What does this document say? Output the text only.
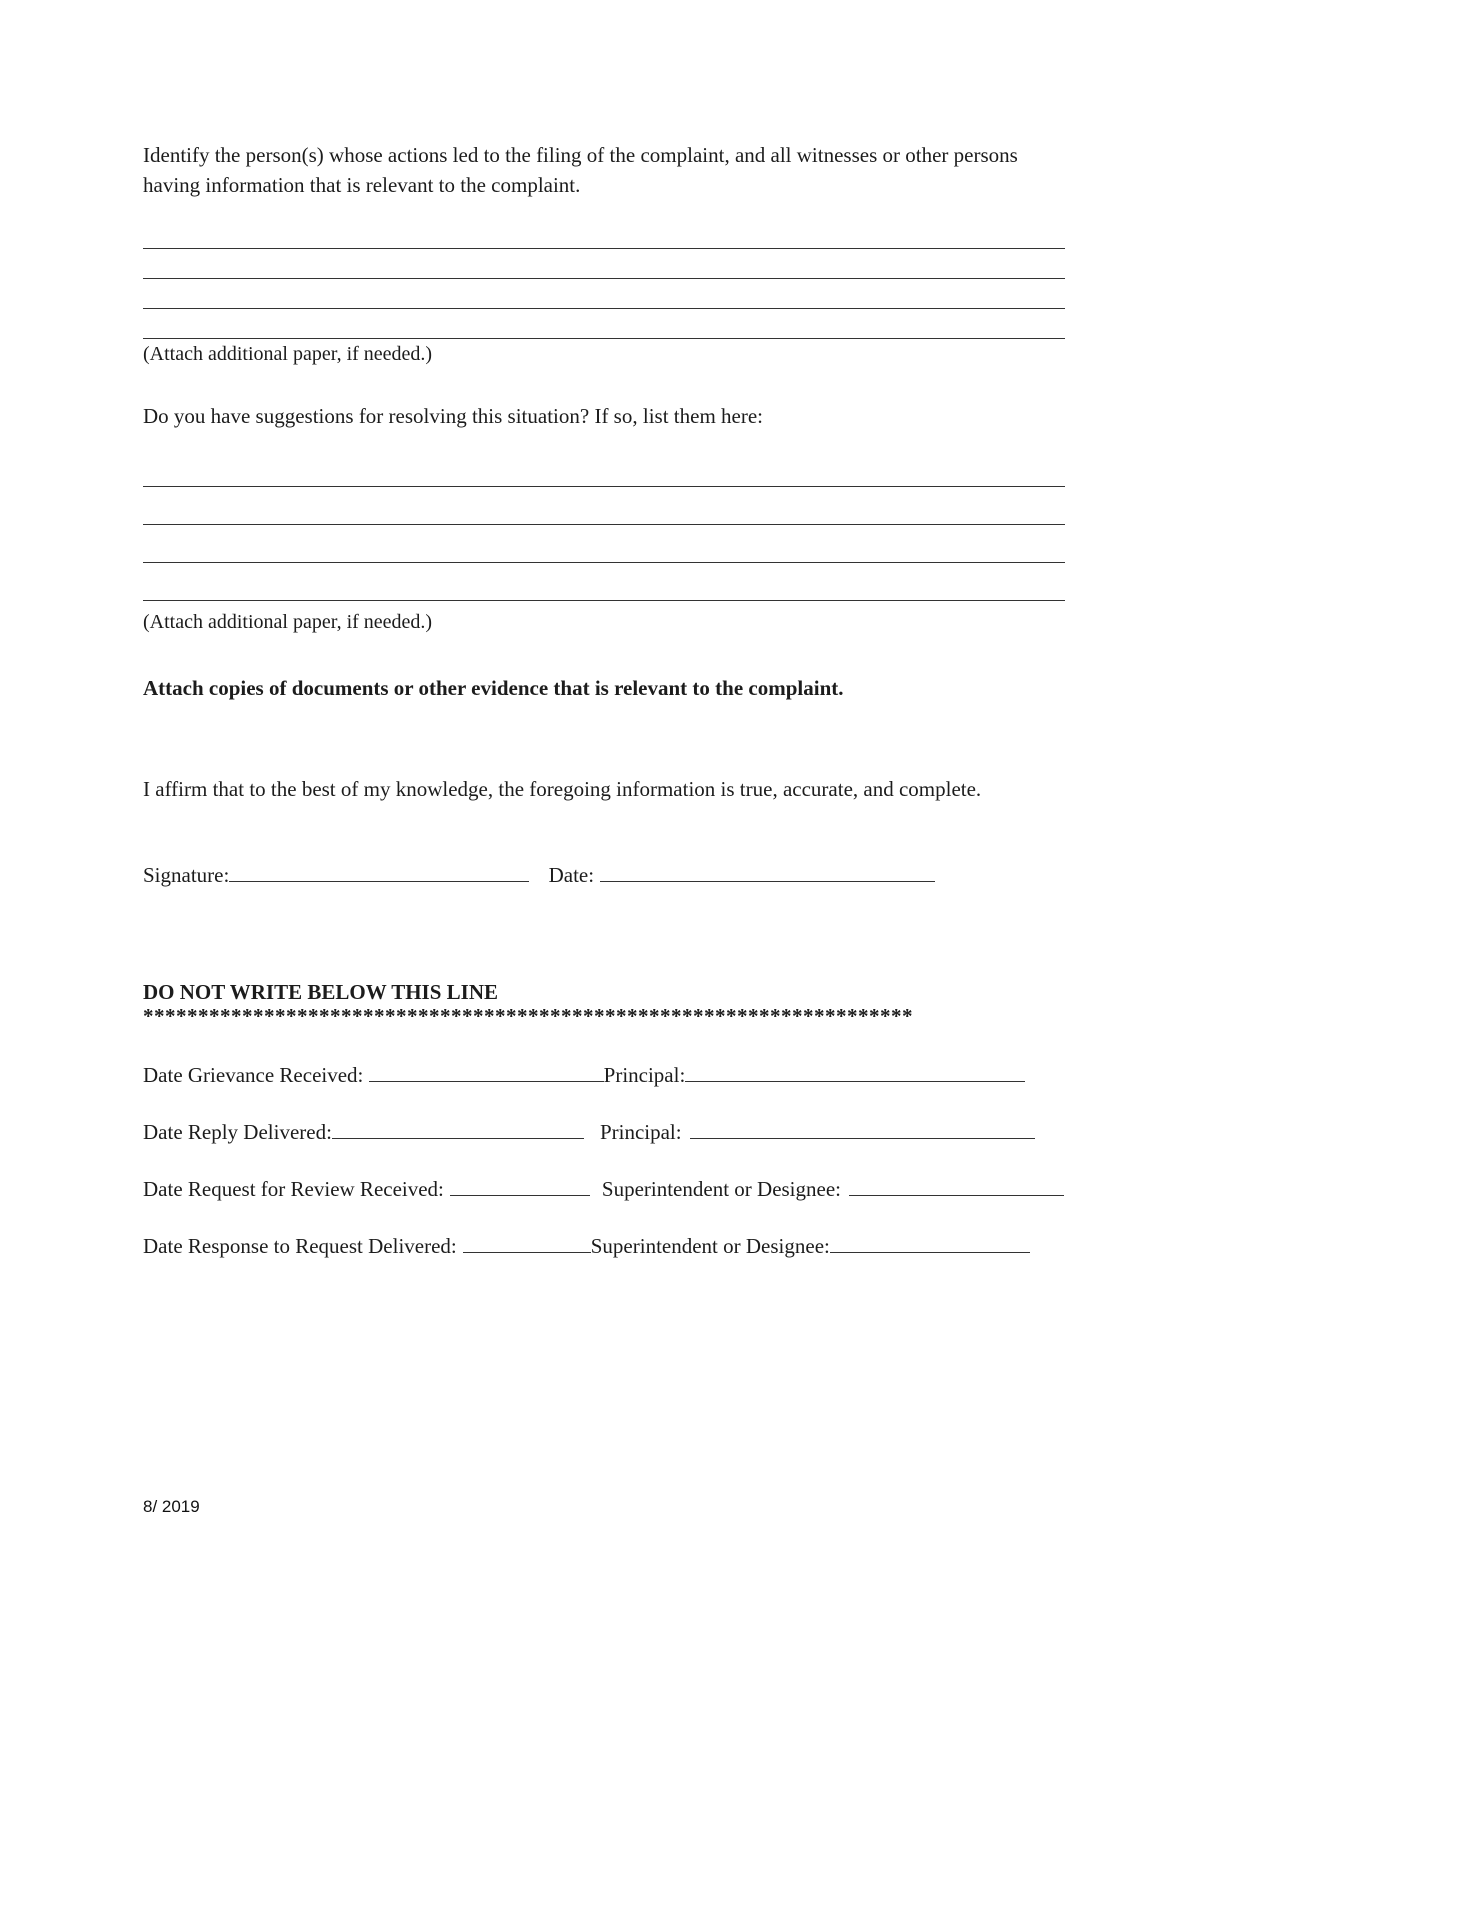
Identify the person(s) whose actions led to the filing of the complaint, and all witnesses or other persons having information that is relevant to the complaint.

(Attach additional paper, if needed.)

Do you have suggestions for resolving this situation? If so, list them here:

(Attach additional paper, if needed.)

Attach copies of documents or other evidence that is relevant to the complaint.

I affirm that to the best of my knowledge, the foregoing information is true, accurate, and complete.

Signature:	Date:

DO NOT WRITE BELOW THIS LINE

**********************************************************************

Date Grievance Received:	Principal:
Date Reply Delivered:	Principal:
Date Request for Review Received:	Superintendent or Designee:
Date Response to Request Delivered:	Superintendent or Designee:
8/ 2019
